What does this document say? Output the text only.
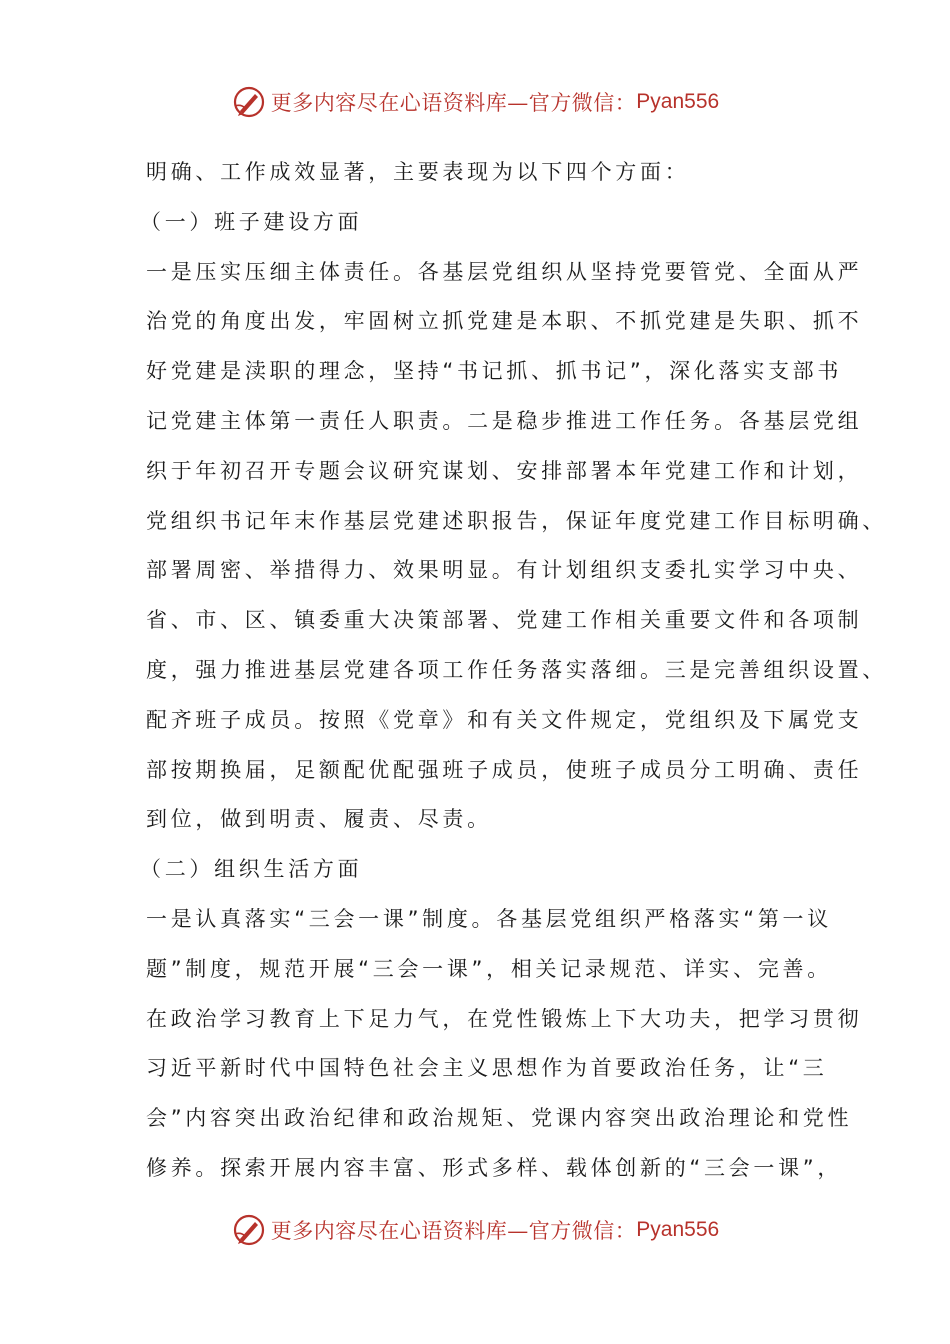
更多内容尽在心语资料库—官方微信： Pyan556
明确、工作成效显著，主要表现为以下四个方面：
（一）班子建设方面
一是压实压细主体责任。各基层党组织从坚持党要管党、全面从严
治党的角度出发，牢固树立抓党建是本职、不抓党建是失职、抓不
好党建是渎职的理念，坚持“书记抓、抓书记”，深化落实支部书
记党建主体第一责任人职责。二是稳步推进工作任务。各基层党组
织于年初召开专题会议研究谋划、安排部署本年党建工作和计划，
党组织书记年末作基层党建述职报告，保证年度党建工作目标明确、
部署周密、举措得力、效果明显。有计划组织支委扎实学习中央、
省、市、区、镇委重大决策部署、党建工作相关重要文件和各项制
度，强力推进基层党建各项工作任务落实落细。三是完善组织设置、
配齐班子成员。按照《党章》和有关文件规定，党组织及下属党支
部按期换届，足额配优配强班子成员，使班子成员分工明确、责任
到位，做到明责、履责、尽责。
（二）组织生活方面
一是认真落实“三会一课”制度。各基层党组织严格落实“第一议
题”制度，规范开展“三会一课”，相关记录规范、详实、完善。
在政治学习教育上下足力气，在党性锻炼上下大功夫，把学习贯彻
习近平新时代中国特色社会主义思想作为首要政治任务，让“三
会”内容突出政治纪律和政治规矩、党课内容突出政治理论和党性
修养。探索开展内容丰富、形式多样、载体创新的“三会一课”，
更多内容尽在心语资料库—官方微信： Pyan556
